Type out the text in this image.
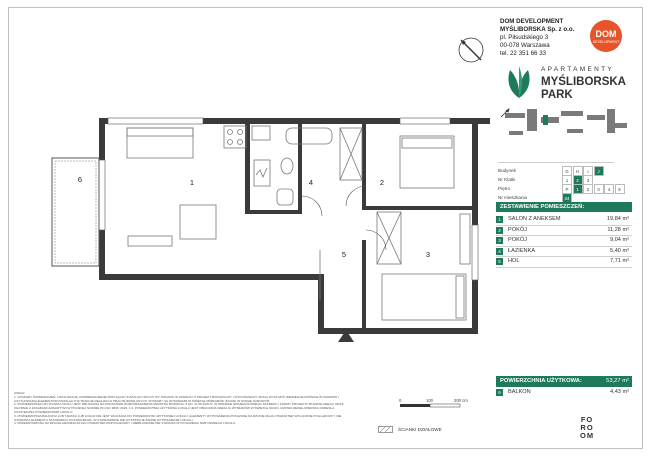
1	2
3
4
5
6
DOM DEVELOPMENT
MYŚLIBORSKA Sp. z o.o.
pl. Piłsudskiego 3
00-078 Warszawa
tel. 22 351 66 33
DOM
DEVELOPMENT
APARTAMENTY
MYŚLIBORSKA
PARK
Budynek	G	H	I	J
Nr Klatki	1	2	3
Piętro	P	1	2	3	4	5
Nr mieszkania	34
ZESTAWIENIE POMIESZCZEŃ:
1	SALON Z ANEKSEM	19,84 m²
2	POKÓJ	11,28 m²
3	POKÓJ	9,04 m²
4	ŁAZIENKA	5,40 m²
5	HOL	7,71 m²
POWIERZCHNIA UŻYTKOWA:	53,27 m²
6	BALKON	4,43 m²

UWAGI:

1. WYMIARY POMIESZCZEŃ, LOKALIZACJE, ROZMIESZCZENIE PRZYŁĄCZY INSTALACYJNYCH ITP. PODANO W OPARCIU O PROJEKT BUDOWLANY I WYKONAWCZY. MOGĄ WYSTĄPIĆ NIEWIELKIE RÓŻNICE WYMIARÓW I USYTUOWANIA ELEMENTÓW INSTALACJI W TRAKCIE REALIZACJI PRAC BUDOWLANYCH. WYMIARY SĄ WYMIARAMI W ŚWIETLE PRZEGRÓD (ŚCIAN) W STANIE SUROWYM.

2. POWIERZCHNIA UŻYTKOWA LOKALU JEST OBLICZANA NA PODSTAWIE ROZPORZĄDZENIA MINISTRA ROZWOJU Z DN. 11.09.2020 R. W SPRAWIE SZCZEGÓŁOWEGO ZAKRESU I FORMY PROJEKTU BUDOWLANEGO ORAZ ZGODNIE Z ZASADAMI ZAWARTYMI W POLSKIEJ NORMIE PN-ISO 9836: 2022. 1.2. POWIERZCHNIA UŻYTKOWA LOKALU JEST OBLICZANA WEDŁUG WYMIARÓW W ŚWIETLE ŚCIAN. UMOWA DEWELOPERSKA OKREŚLA OSTATECZNĄ POWIERZCHNIĘ LOKALU.

3. POWIERZCHNIA BALKONU LUB TARASU LUB LOGGII NIE JEST WLICZANA DO POWIERZCHNI UŻYTKOWEJ LOKALU. ELEMENTY WYPOSAŻENIA POKAZANE NA RZUCIE MAJĄ CHARAKTER WYŁĄCZNIE POGLĄDOWY I NIE STANOWIĄ ELEMENTU STANDARDU WYKOŃCZENIA. W STANDARDZIE NIE WYSTĘPUJE ŻADNE WYPOSAŻENIE LOKALU.

4. PRZEDSTAWIONA NA RZUCIE ARANŻACJA MA CHARAKTER PRZYKŁADOWY, UMEBLOWANIE NIE STANOWI WYPOSAŻENIA NABYWANEGO LOKALU.

0	100	200 cm
ŚCIANKI DZIAŁOWE
FO
RO
OM
